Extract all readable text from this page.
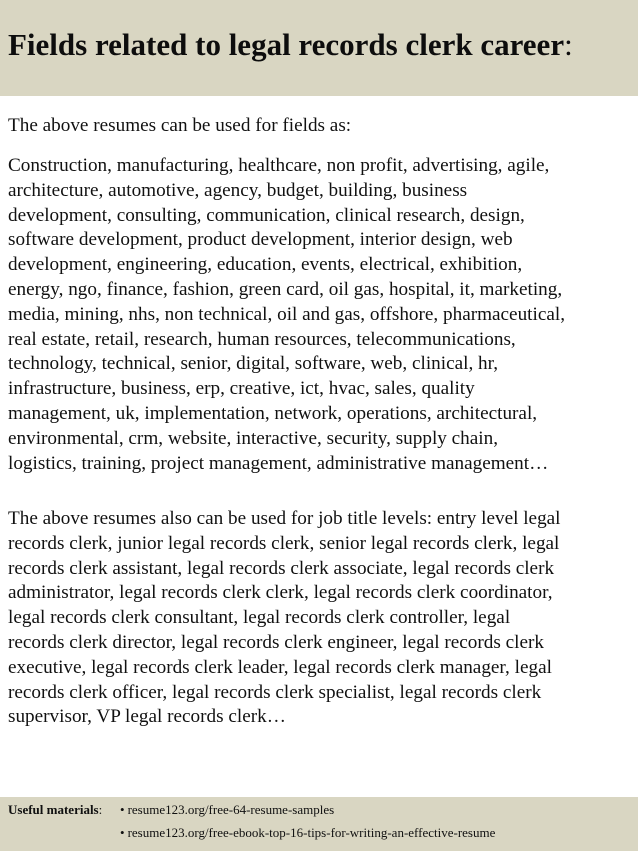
Fields related to legal records clerk career:

The above resumes can be used for fields as:

Construction, manufacturing, healthcare, non profit, advertising, agile,
architecture, automotive, agency, budget, building, business
development, consulting, communication, clinical research, design,
software development, product development, interior design, web
development, engineering, education, events, electrical, exhibition,
energy, ngo, finance, fashion, green card, oil gas, hospital, it, marketing,
media, mining, nhs, non technical, oil and gas, offshore, pharmaceutical,
real estate, retail, research, human resources, telecommunications,
technology, technical, senior, digital, software, web, clinical, hr,
infrastructure, business, erp, creative, ict, hvac, sales, quality
management, uk, implementation, network, operations, architectural,
environmental, crm, website, interactive, security, supply chain,
logistics, training, project management, administrative management…

The above resumes also can be used for job title levels: entry level legal
records clerk, junior legal records clerk, senior legal records clerk, legal
records clerk assistant, legal records clerk associate, legal records clerk
administrator, legal records clerk clerk, legal records clerk coordinator,
legal records clerk consultant, legal records clerk controller, legal
records clerk director, legal records clerk engineer, legal records clerk
executive, legal records clerk leader, legal records clerk manager, legal
records clerk officer, legal records clerk specialist, legal records clerk
supervisor, VP legal records clerk…

Useful materials: • resume123.org/free-64-resume-samples
• resume123.org/free-ebook-top-16-tips-for-writing-an-effective-resume
